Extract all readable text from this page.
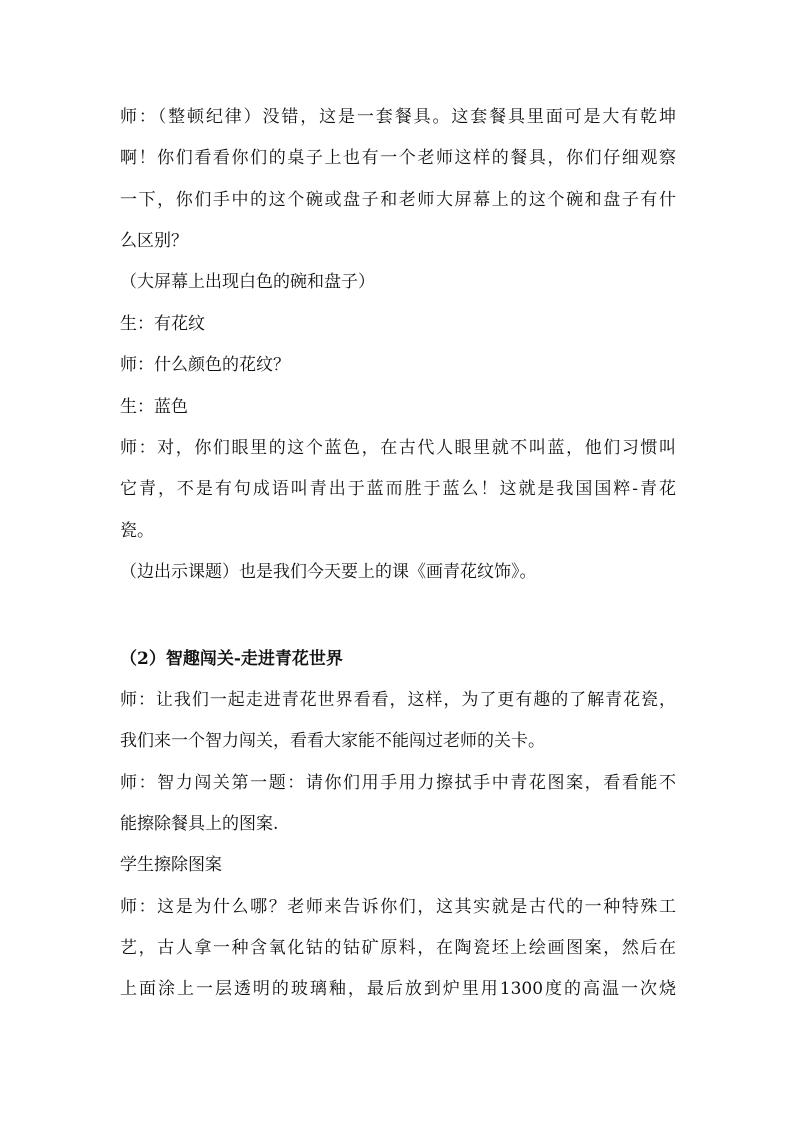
师：（整顿纪律）没错，这是一套餐具。这套餐具里面可是大有乾坤
啊！你们看看你们的桌子上也有一个老师这样的餐具，你们仔细观察
一下，你们手中的这个碗或盘子和老师大屏幕上的这个碗和盘子有什
么区别？
（大屏幕上出现白色的碗和盘子）
生：有花纹
师：什么颜色的花纹？
生：蓝色
师：对，你们眼里的这个蓝色，在古代人眼里就不叫蓝，他们习惯叫
它青，不是有句成语叫青出于蓝而胜于蓝么！这就是我国国粹-青花
瓷。
（边出示课题）也是我们今天要上的课《画青花纹饰》。
（2）智趣闯关-走进青花世界
师：让我们一起走进青花世界看看，这样，为了更有趣的了解青花瓷，
我们来一个智力闯关，看看大家能不能闯过老师的关卡。
师：智力闯关第一题：请你们用手用力擦拭手中青花图案，看看能不
能擦除餐具上的图案.
学生擦除图案
师：这是为什么哪？老师来告诉你们，这其实就是古代的一种特殊工
艺，古人拿一种含氧化钴的钴矿原料，在陶瓷坯上绘画图案，然后在
上面涂上一层透明的玻璃釉，最后放到炉里用1300度的高温一次烧
